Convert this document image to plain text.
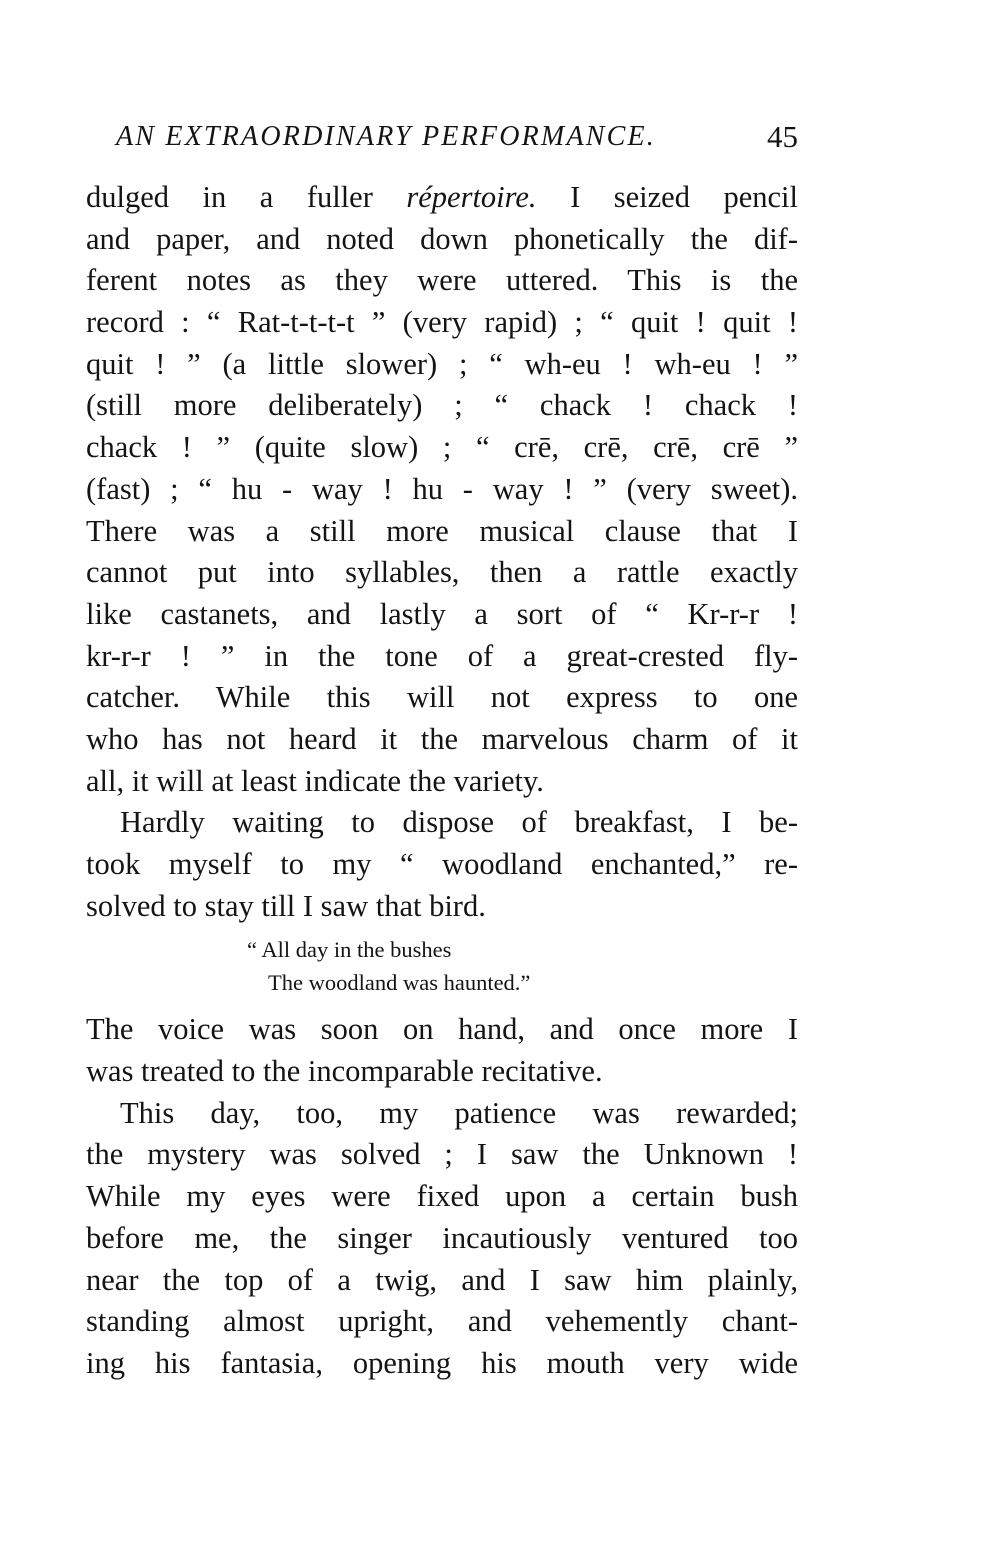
AN EXTRAORDINARY PERFORMANCE.	45
dulged in a fuller répertoire. I seized pencil
and paper, and noted down phonetically the dif-
ferent notes as they were uttered. This is the
record : “ Rat-t-t-t-t ” (very rapid) ; “ quit ! quit !
quit ! ” (a little slower) ; “ wh-eu ! wh-eu ! ”
(still more deliberately) ; “ chack ! chack !
chack ! ” (quite slow) ; “ crē, crē, crē, crē ”
(fast) ; “ hu - way ! hu - way ! ” (very sweet).
There was a still more musical clause that I
cannot put into syllables, then a rattle exactly
like castanets, and lastly a sort of “ Kr-r-r !
kr-r-r ! ” in the tone of a great-crested fly-
catcher. While this will not express to one
who has not heard it the marvelous charm of it
all, it will at least indicate the variety.
Hardly waiting to dispose of breakfast, I be-
took myself to my “ woodland enchanted,” re-
solved to stay till I saw that bird.
“ All day in the bushes
The woodland was haunted.”
The voice was soon on hand, and once more I
was treated to the incomparable recitative.
This day, too, my patience was rewarded;
the mystery was solved ; I saw the Unknown !
While my eyes were fixed upon a certain bush
before me, the singer incautiously ventured too
near the top of a twig, and I saw him plainly,
standing almost upright, and vehemently chant-
ing his fantasia, opening his mouth very wide
